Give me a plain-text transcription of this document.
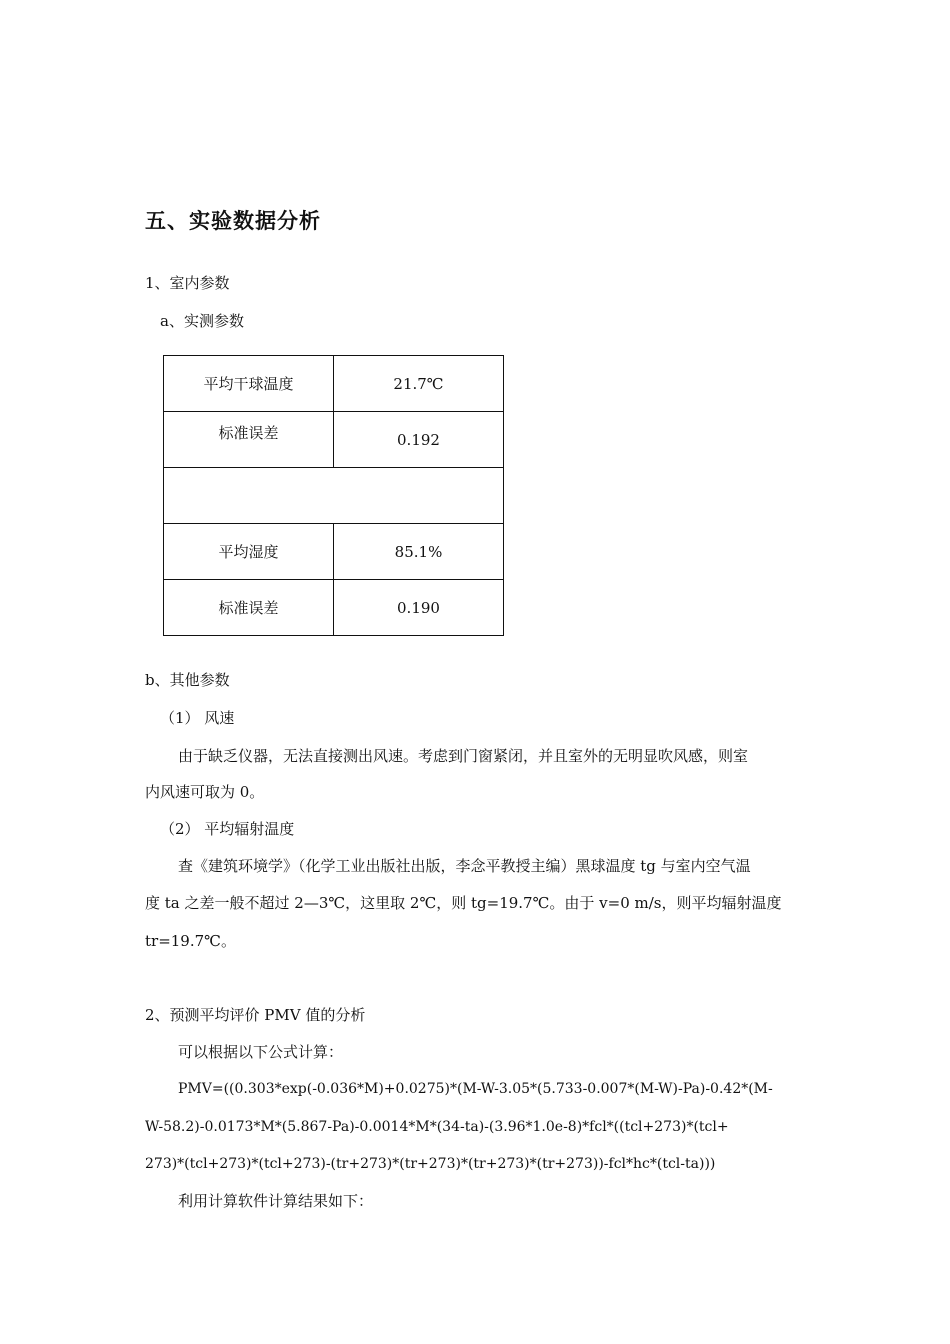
五、实验数据分析
1、室内参数
a、实测参数
平均干球温度	21.7℃
标准误差	0.192

平均湿度	85.1%
标准误差	0.190
b、其他参数
（1） 风速
由于缺乏仪器，无法直接测出风速。考虑到门窗紧闭，并且室外的无明显吹风感，则室
内风速可取为 0。
（2） 平均辐射温度
查《建筑环境学》（化学工业出版社出版，李念平教授主编）黑球温度 tg 与室内空气温
度 ta 之差一般不超过 2—3℃，这里取 2℃，则 tg=19.7℃。由于 v=0 m/s，则平均辐射温度
tr=19.7℃。
2、预测平均评价 PMV 值的分析
可以根据以下公式计算：
PMV=((0.303*exp(-0.036*M)+0.0275)*(M-W-3.05*(5.733-0.007*(M-W)-Pa)-0.42*(M-
W-58.2)-0.0173*M*(5.867-Pa)-0.0014*M*(34-ta)-(3.96*1.0e-8)*fcl*((tcl+273)*(tcl+
273)*(tcl+273)*(tcl+273)-(tr+273)*(tr+273)*(tr+273)*(tr+273))-fcl*hc*(tcl-ta)))
利用计算软件计算结果如下：
